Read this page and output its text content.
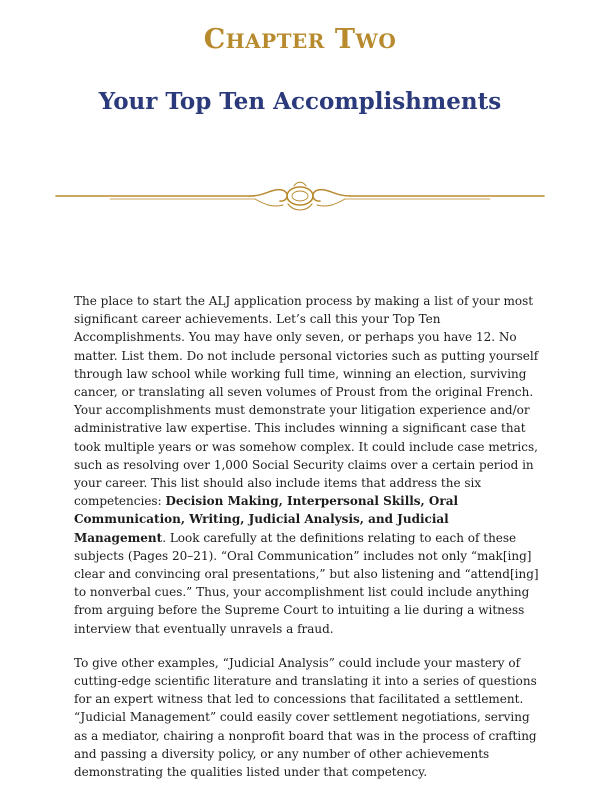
CHAPTER TWO
Your Top Ten Accomplishments

The place to start the ALJ application process by making a list of your most significant career achievements. Let’s call this your Top Ten Accomplishments. You may have only seven, or perhaps you have 12. No matter. List them. Do not include personal victories such as putting yourself through law school while working full time, winning an election, surviving cancer, or translating all seven volumes of Proust from the original French. Your accomplishments must demonstrate your litigation experience and/or administrative law expertise. This includes winning a significant case that took multiple years or was somehow complex. It could include case metrics, such as resolving over 1,000 Social Security claims over a certain period in your career. This list should also include items that address the six competencies: Decision Making, Interpersonal Skills, Oral Communication, Writing, Judicial Analysis, and Judicial Management. Look carefully at the definitions relating to each of these subjects (Pages 20–21). “Oral Communication” includes not only “mak[ing] clear and convincing oral presentations,” but also listening and “attend[ing] to nonverbal cues.” Thus, your accomplishment list could include anything from arguing before the Supreme Court to intuiting a lie during a witness interview that eventually unravels a fraud.

To give other examples, “Judicial Analysis” could include your mastery of cutting-edge scientific literature and translating it into a series of questions for an expert witness that led to concessions that facilitated a settlement. “Judicial Management” could easily cover settlement negotiations, serving as a mediator, chairing a nonprofit board that was in the process of crafting and passing a diversity policy, or any number of other achievements demonstrating the qualities listed under that competency.
